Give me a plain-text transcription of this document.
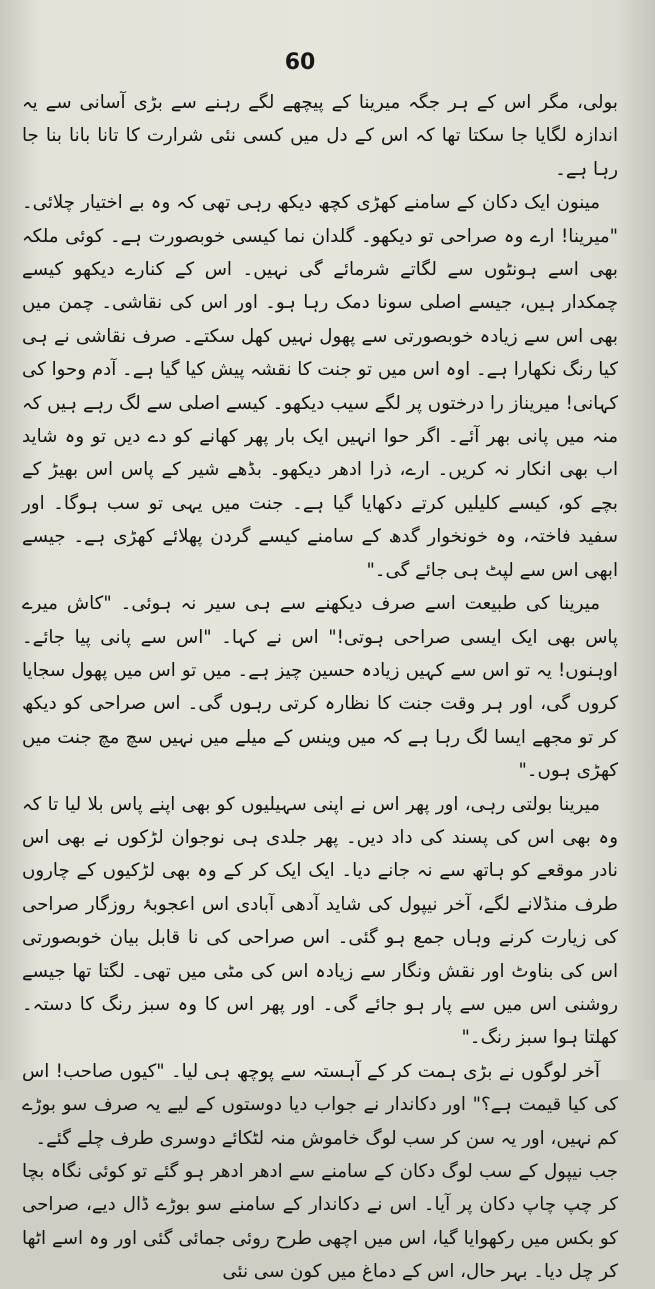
60

بولی، مگر اس کے ہر جگہ میرینا کے پیچھے لگے رہنے سے بڑی آسانی سے یہ اندازہ لگایا جا سکتا تھا کہ اس کے دل میں کسی نئی شرارت کا تانا بانا بنا جا رہا ہے۔

مینون ایک دکان کے سامنے کھڑی کچھ دیکھ رہی تھی کہ وہ بے اختیار چلائی۔ "میرینا! ارے وہ صراحی تو دیکھو۔ گلدان نما کیسی خوبصورت ہے۔ کوئی ملکہ بھی اسے ہونٹوں سے لگاتے شرمائے گی نہیں۔ اس کے کنارے دیکھو کیسے چمکدار ہیں، جیسے اصلی سونا دمک رہا ہو۔ اور اس کی نقاشی۔ چمن میں بھی اس سے زیادہ خوبصورتی سے پھول نہیں کھل سکتے۔ صرف نقاشی نے ہی کیا رنگ نکھارا ہے۔ اوہ اس میں تو جنت کا نقشہ پیش کیا گیا ہے۔ آدم وحوا کی کہانی! میریناز را درختوں پر لگے سیب دیکھو۔ کیسے اصلی سے لگ رہے ہیں کہ منہ میں پانی بھر آئے۔ اگر حوا انہیں ایک بار پھر کھانے کو دے دیں تو وہ شاید اب بھی انکار نہ کریں۔ ارے، ذرا ادھر دیکھو۔ بڈھے شیر کے پاس اس بھیڑ کے بچے کو، کیسے کلیلیں کرتے دکھایا گیا ہے۔ جنت میں یہی تو سب ہوگا۔ اور سفید فاختہ، وہ خونخوار گدھ کے سامنے کیسے گردن پھلائے کھڑی ہے۔ جیسے ابھی اس سے لپٹ ہی جائے گی۔"

میرینا کی طبیعت اسے صرف دیکھنے سے ہی سیر نہ ہوئی۔ "کاش میرے پاس بھی ایک ایسی صراحی ہوتی!" اس نے کہا۔ "اس سے پانی پیا جائے۔ اوہنوں! یہ تو اس سے کہیں زیادہ حسین چیز ہے۔ میں تو اس میں پھول سجایا کروں گی، اور ہر وقت جنت کا نظارہ کرتی رہوں گی۔ اس صراحی کو دیکھ کر تو مجھے ایسا لگ رہا ہے کہ میں وینس کے میلے میں نہیں سچ مچ جنت میں کھڑی ہوں۔"

میرینا بولتی رہی، اور پھر اس نے اپنی سہیلیوں کو بھی اپنے پاس بلا لیا تا کہ وہ بھی اس کی پسند کی داد دیں۔ پھر جلدی ہی نوجوان لڑکوں نے بھی اس نادر موقعے کو ہاتھ سے نہ جانے دیا۔ ایک ایک کر کے وہ بھی لڑکیوں کے چاروں طرف منڈلانے لگے، آخر نیپول کی شاید آدھی آبادی اس اعجوبۂ روزگار صراحی کی زیارت کرنے وہاں جمع ہو گئی۔ اس صراحی کی نا قابل بیان خوبصورتی اس کی بناوٹ اور نقش ونگار سے زیادہ اس کی مٹی میں تھی۔ لگتا تھا جیسے روشنی اس میں سے پار ہو جائے گی۔ اور پھر اس کا وہ سبز رنگ کا دستہ۔ کھلتا ہوا سبز رنگ۔"

آخر لوگوں نے بڑی ہمت کر کے آہستہ سے پوچھ ہی لیا۔ "کیوں صاحب! اس کی کیا قیمت ہے؟" اور دکاندار نے جواب دیا دوستوں کے لیے یہ صرف سو بوڑے کم نہیں، اور یہ سن کر سب لوگ خاموش منہ لٹکائے دوسری طرف چلے گئے۔

جب نیپول کے سب لوگ دکان کے سامنے سے ادھر ادھر ہو گئے تو کوئی نگاہ بچا کر چپ چاپ دکان پر آیا۔ اس نے دکاندار کے سامنے سو بوڑے ڈال دیے، صراحی کو بکس میں رکھوایا گیا، اس میں اچھی طرح روئی جمائی گئی اور وہ اسے اٹھا کر چل دیا۔ بہر حال، اس کے دماغ میں کون سی نئی
